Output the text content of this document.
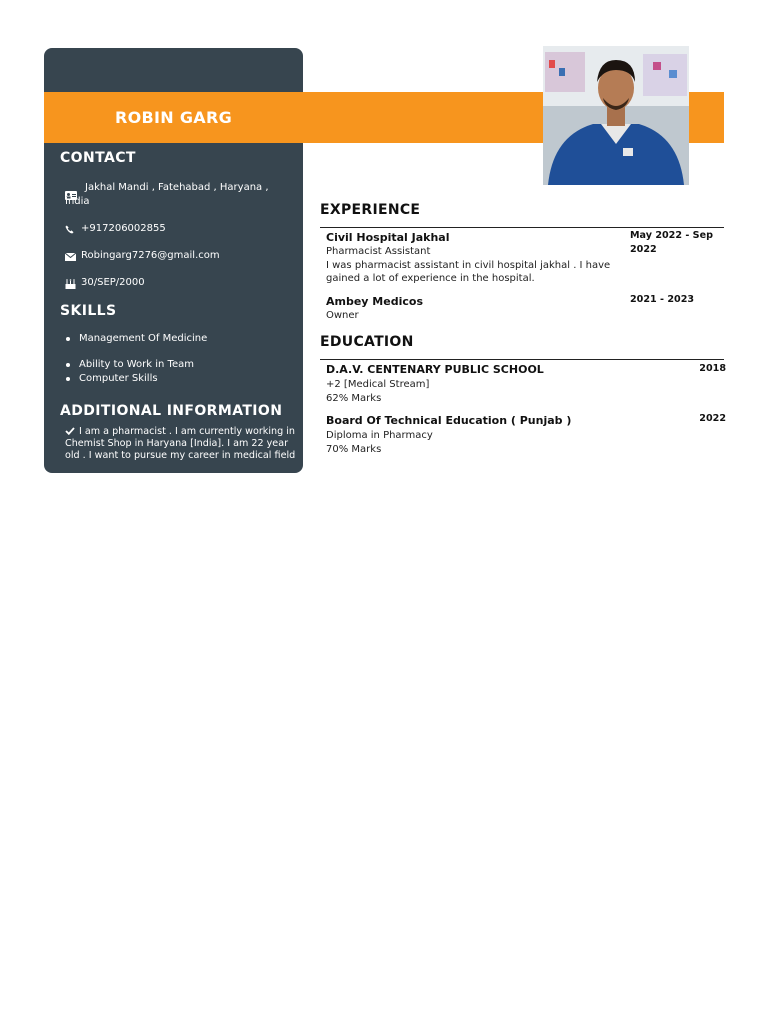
ROBIN GARG
CONTACT
Jakhal Mandi , Fatehabad , Haryana ,
India
+917206002855
Robingarg7276@gmail.com
30/SEP/2000
SKILLS
Management Of Medicine
Ability to Work in Team
Computer Skills
ADDITIONAL INFORMATION
I am a pharmacist . I am currently working in Chemist Shop in Haryana [India]. I am 22 year old . I want to pursue my career in medical field
EXPERIENCE
Civil Hospital Jakhal
Pharmacist Assistant
I was pharmacist assistant in civil hospital jakhal . I have gained a lot of experience in the hospital.
May 2022 - Sep 2022
Ambey Medicos
Owner
2021 - 2023
EDUCATION
D.A.V. CENTENARY PUBLIC SCHOOL
+2 [Medical Stream]
62% Marks
2018
Board Of Technical Education ( Punjab )
Diploma in Pharmacy
70% Marks
2022
